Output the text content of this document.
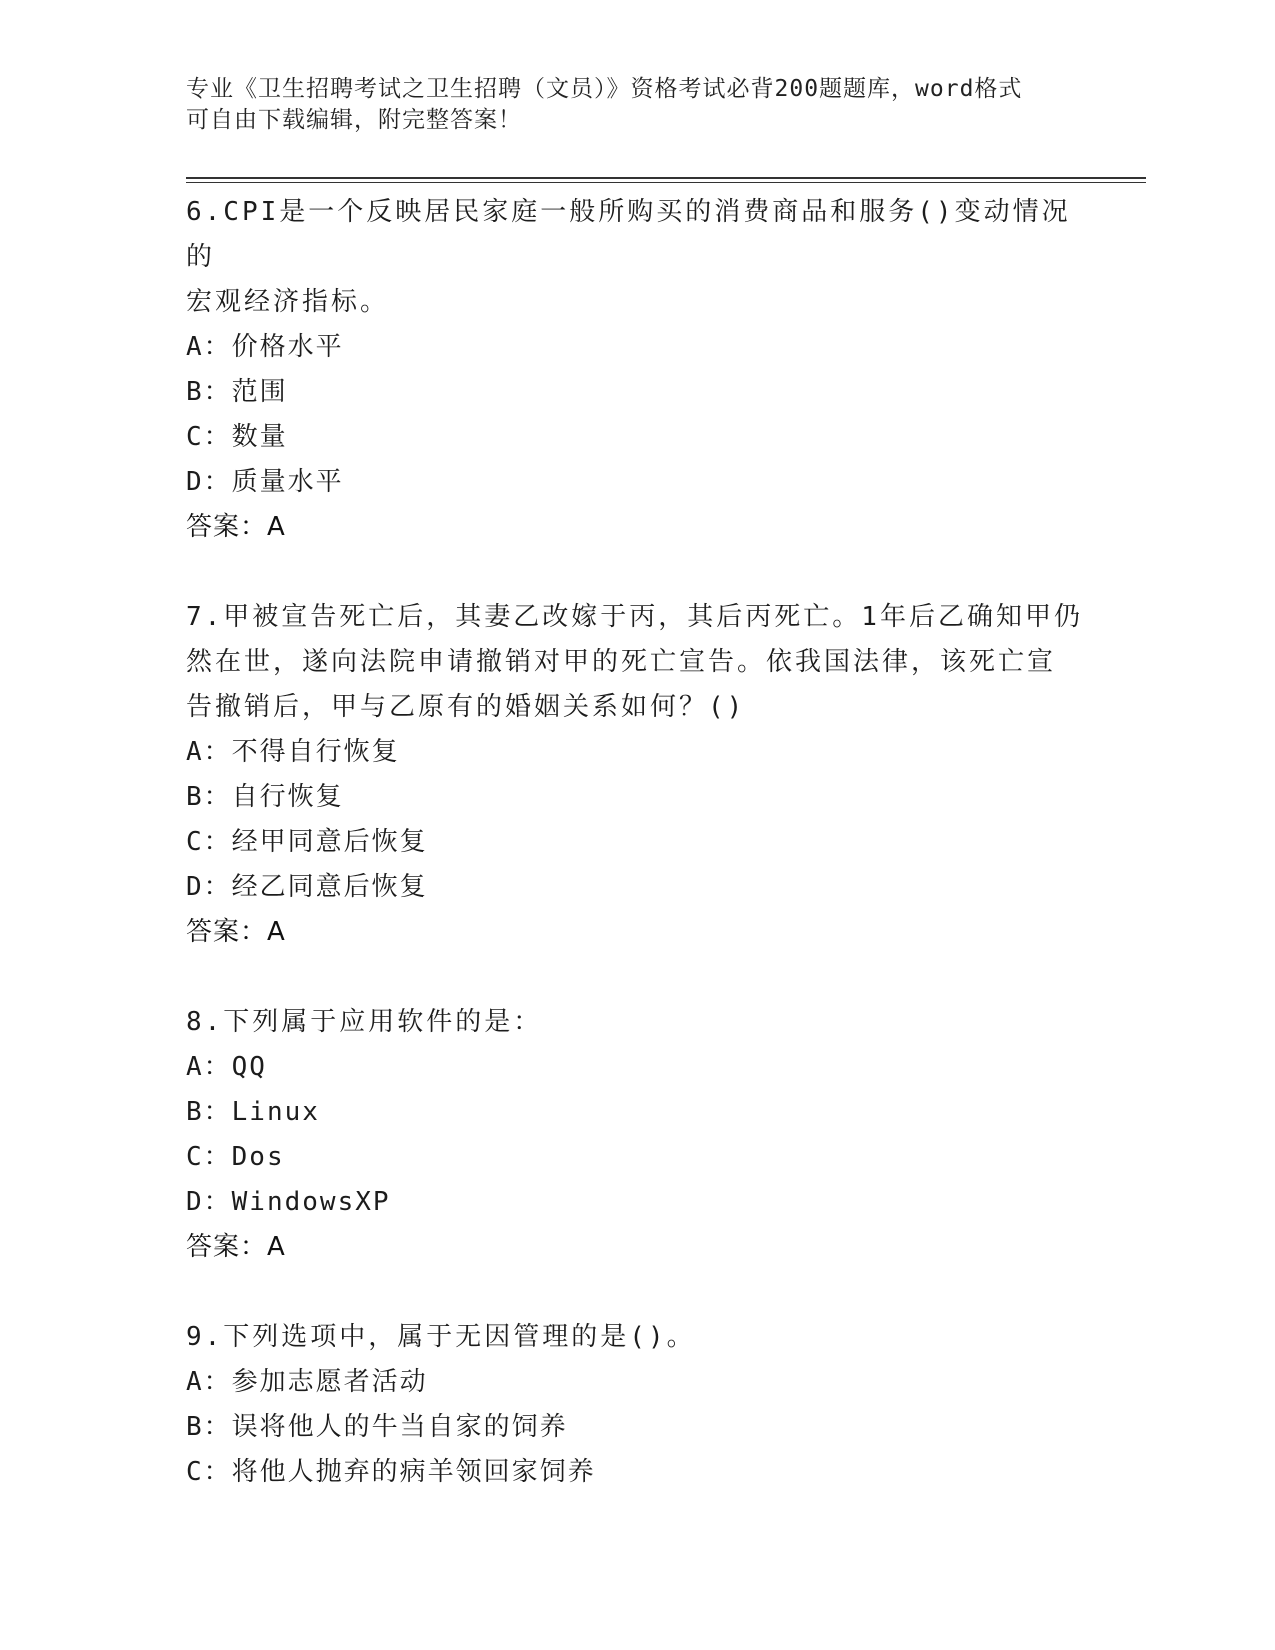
专业《卫生招聘考试之卫生招聘（文员）》资格考试必背200题题库，word格式

可自由下载编辑，附完整答案！

6.CPI是一个反映居民家庭一般所购买的消费商品和服务()变动情况的

宏观经济指标。

A：价格水平

B：范围

C：数量

D：质量水平

答案：A

7.甲被宣告死亡后，其妻乙改嫁于丙，其后丙死亡。1年后乙确知甲仍

然在世，遂向法院申请撤销对甲的死亡宣告。依我国法律，该死亡宣

告撤销后，甲与乙原有的婚姻关系如何？()

A：不得自行恢复

B：自行恢复

C：经甲同意后恢复

D：经乙同意后恢复

答案：A

8.下列属于应用软件的是：

A：QQ

B：Linux

C：Dos

D：WindowsXP

答案：A

9.下列选项中，属于无因管理的是()。

A：参加志愿者活动

B：误将他人的牛当自家的饲养

C：将他人抛弃的病羊领回家饲养
